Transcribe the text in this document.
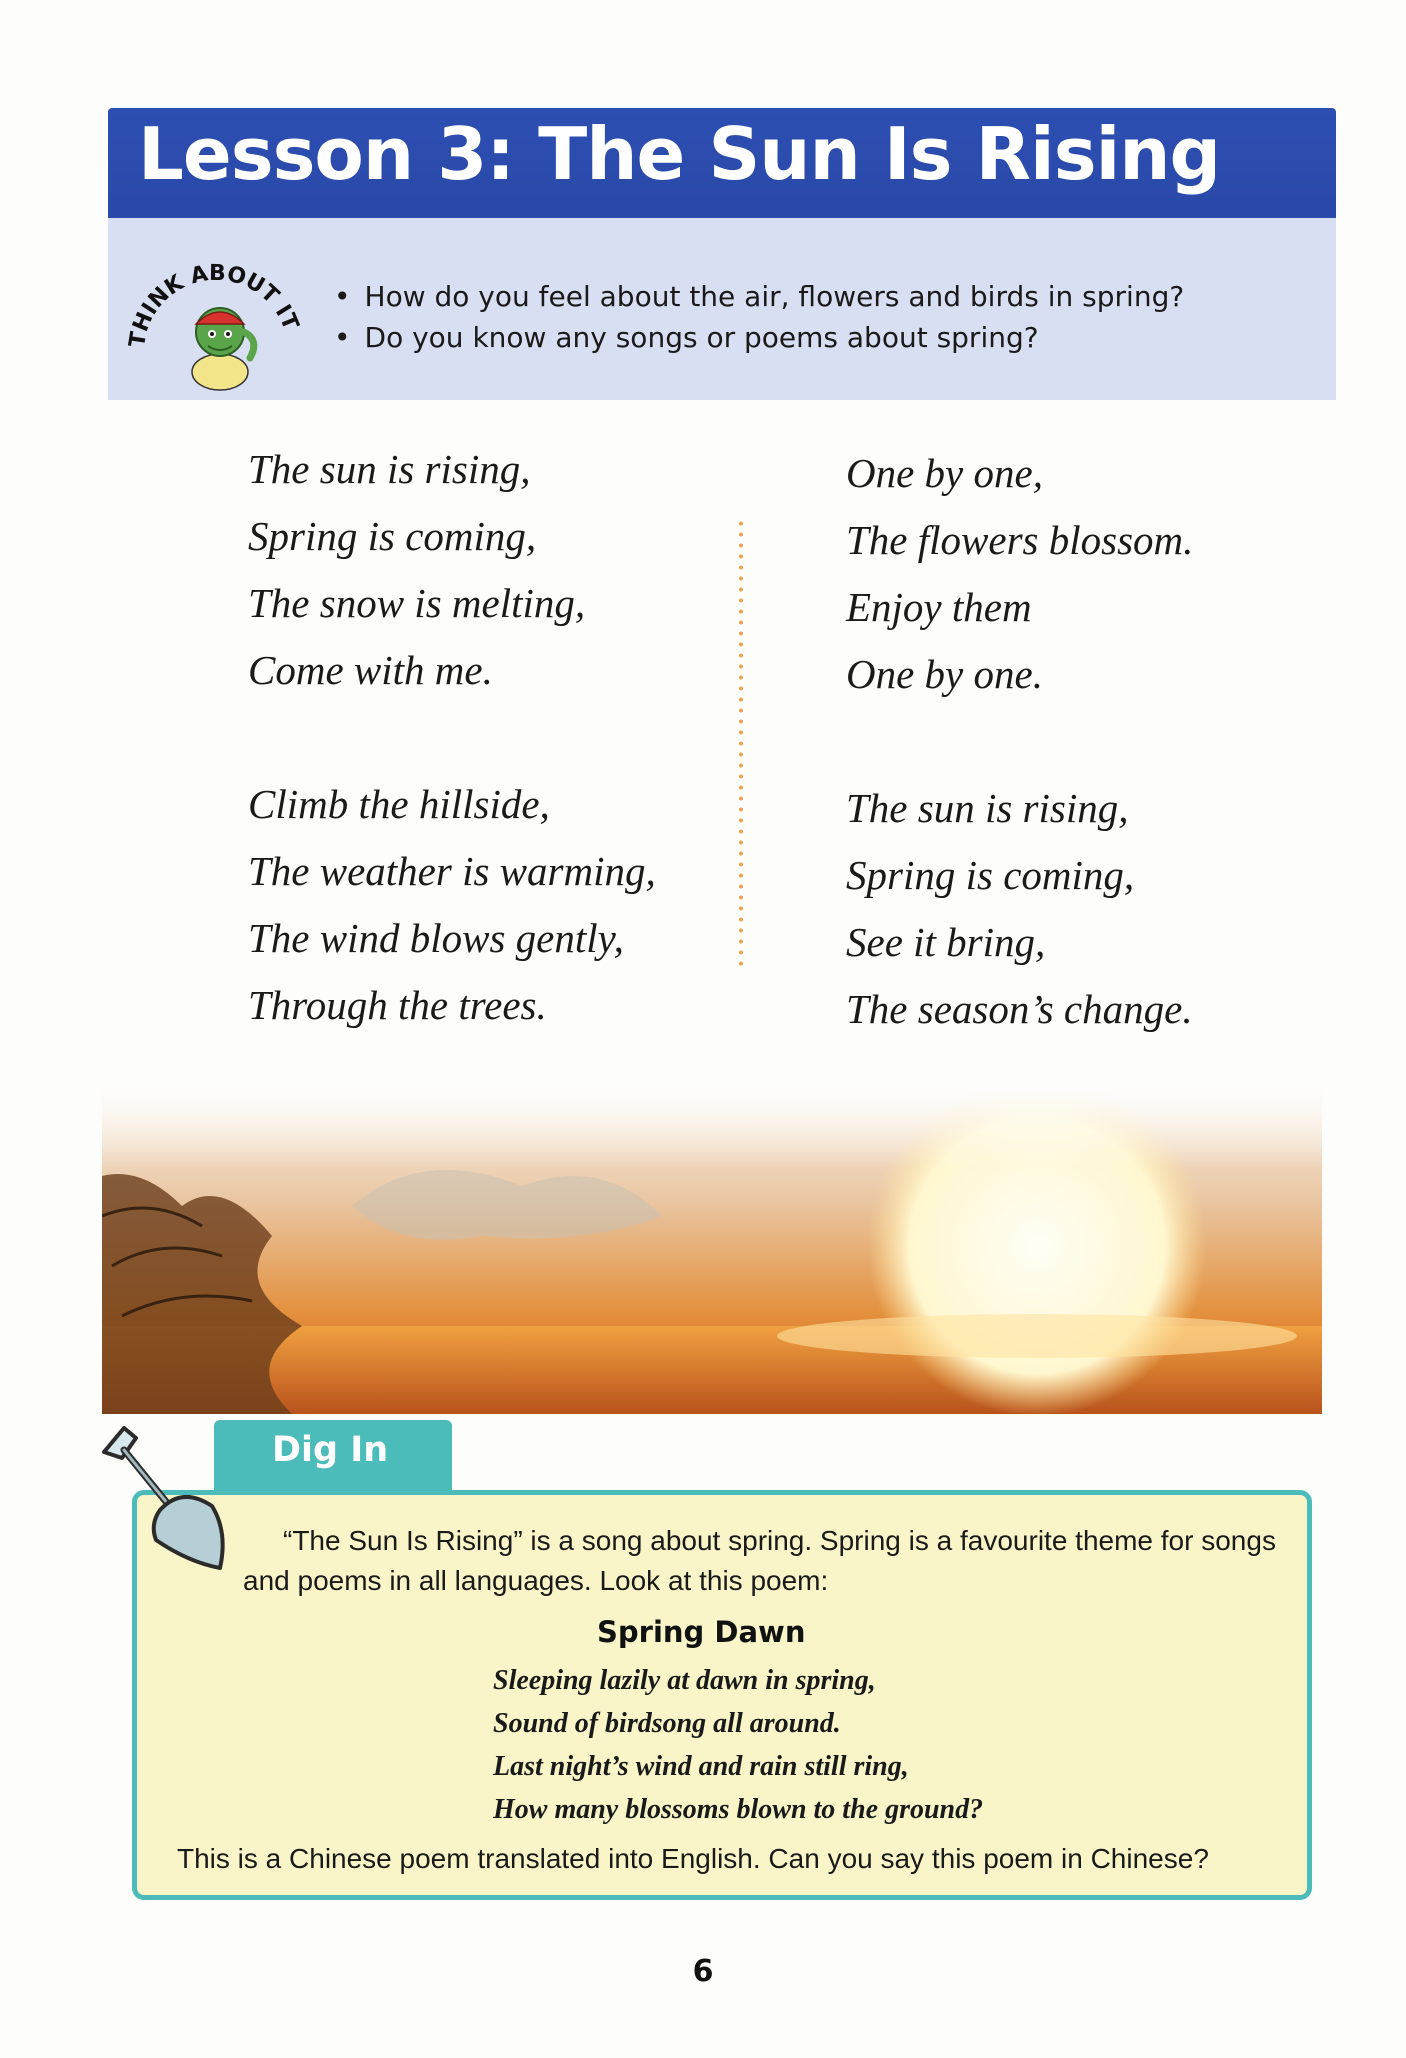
Lesson 3: The Sun Is Rising
THINK ABOUT IT
• How do you feel about the air, flowers and birds in spring?
• Do you know any songs or poems about spring?
The sun is rising,
Spring is coming,
The snow is melting,
Come with me.
Climb the hillside,
The weather is warming,
The wind blows gently,
Through the trees.
One by one,
The flowers blossom.
Enjoy them
One by one.
The sun is rising,
Spring is coming,
See it bring,
The season’s change.
Dig In
“The Sun Is Rising” is a song about spring. Spring is a favourite theme for songs and poems in all languages. Look at this poem:
Spring Dawn
Sleeping lazily at dawn in spring,
Sound of birdsong all around.
Last night’s wind and rain still ring,
How many blossoms blown to the ground?
This is a Chinese poem translated into English. Can you say this poem in Chinese?
6
